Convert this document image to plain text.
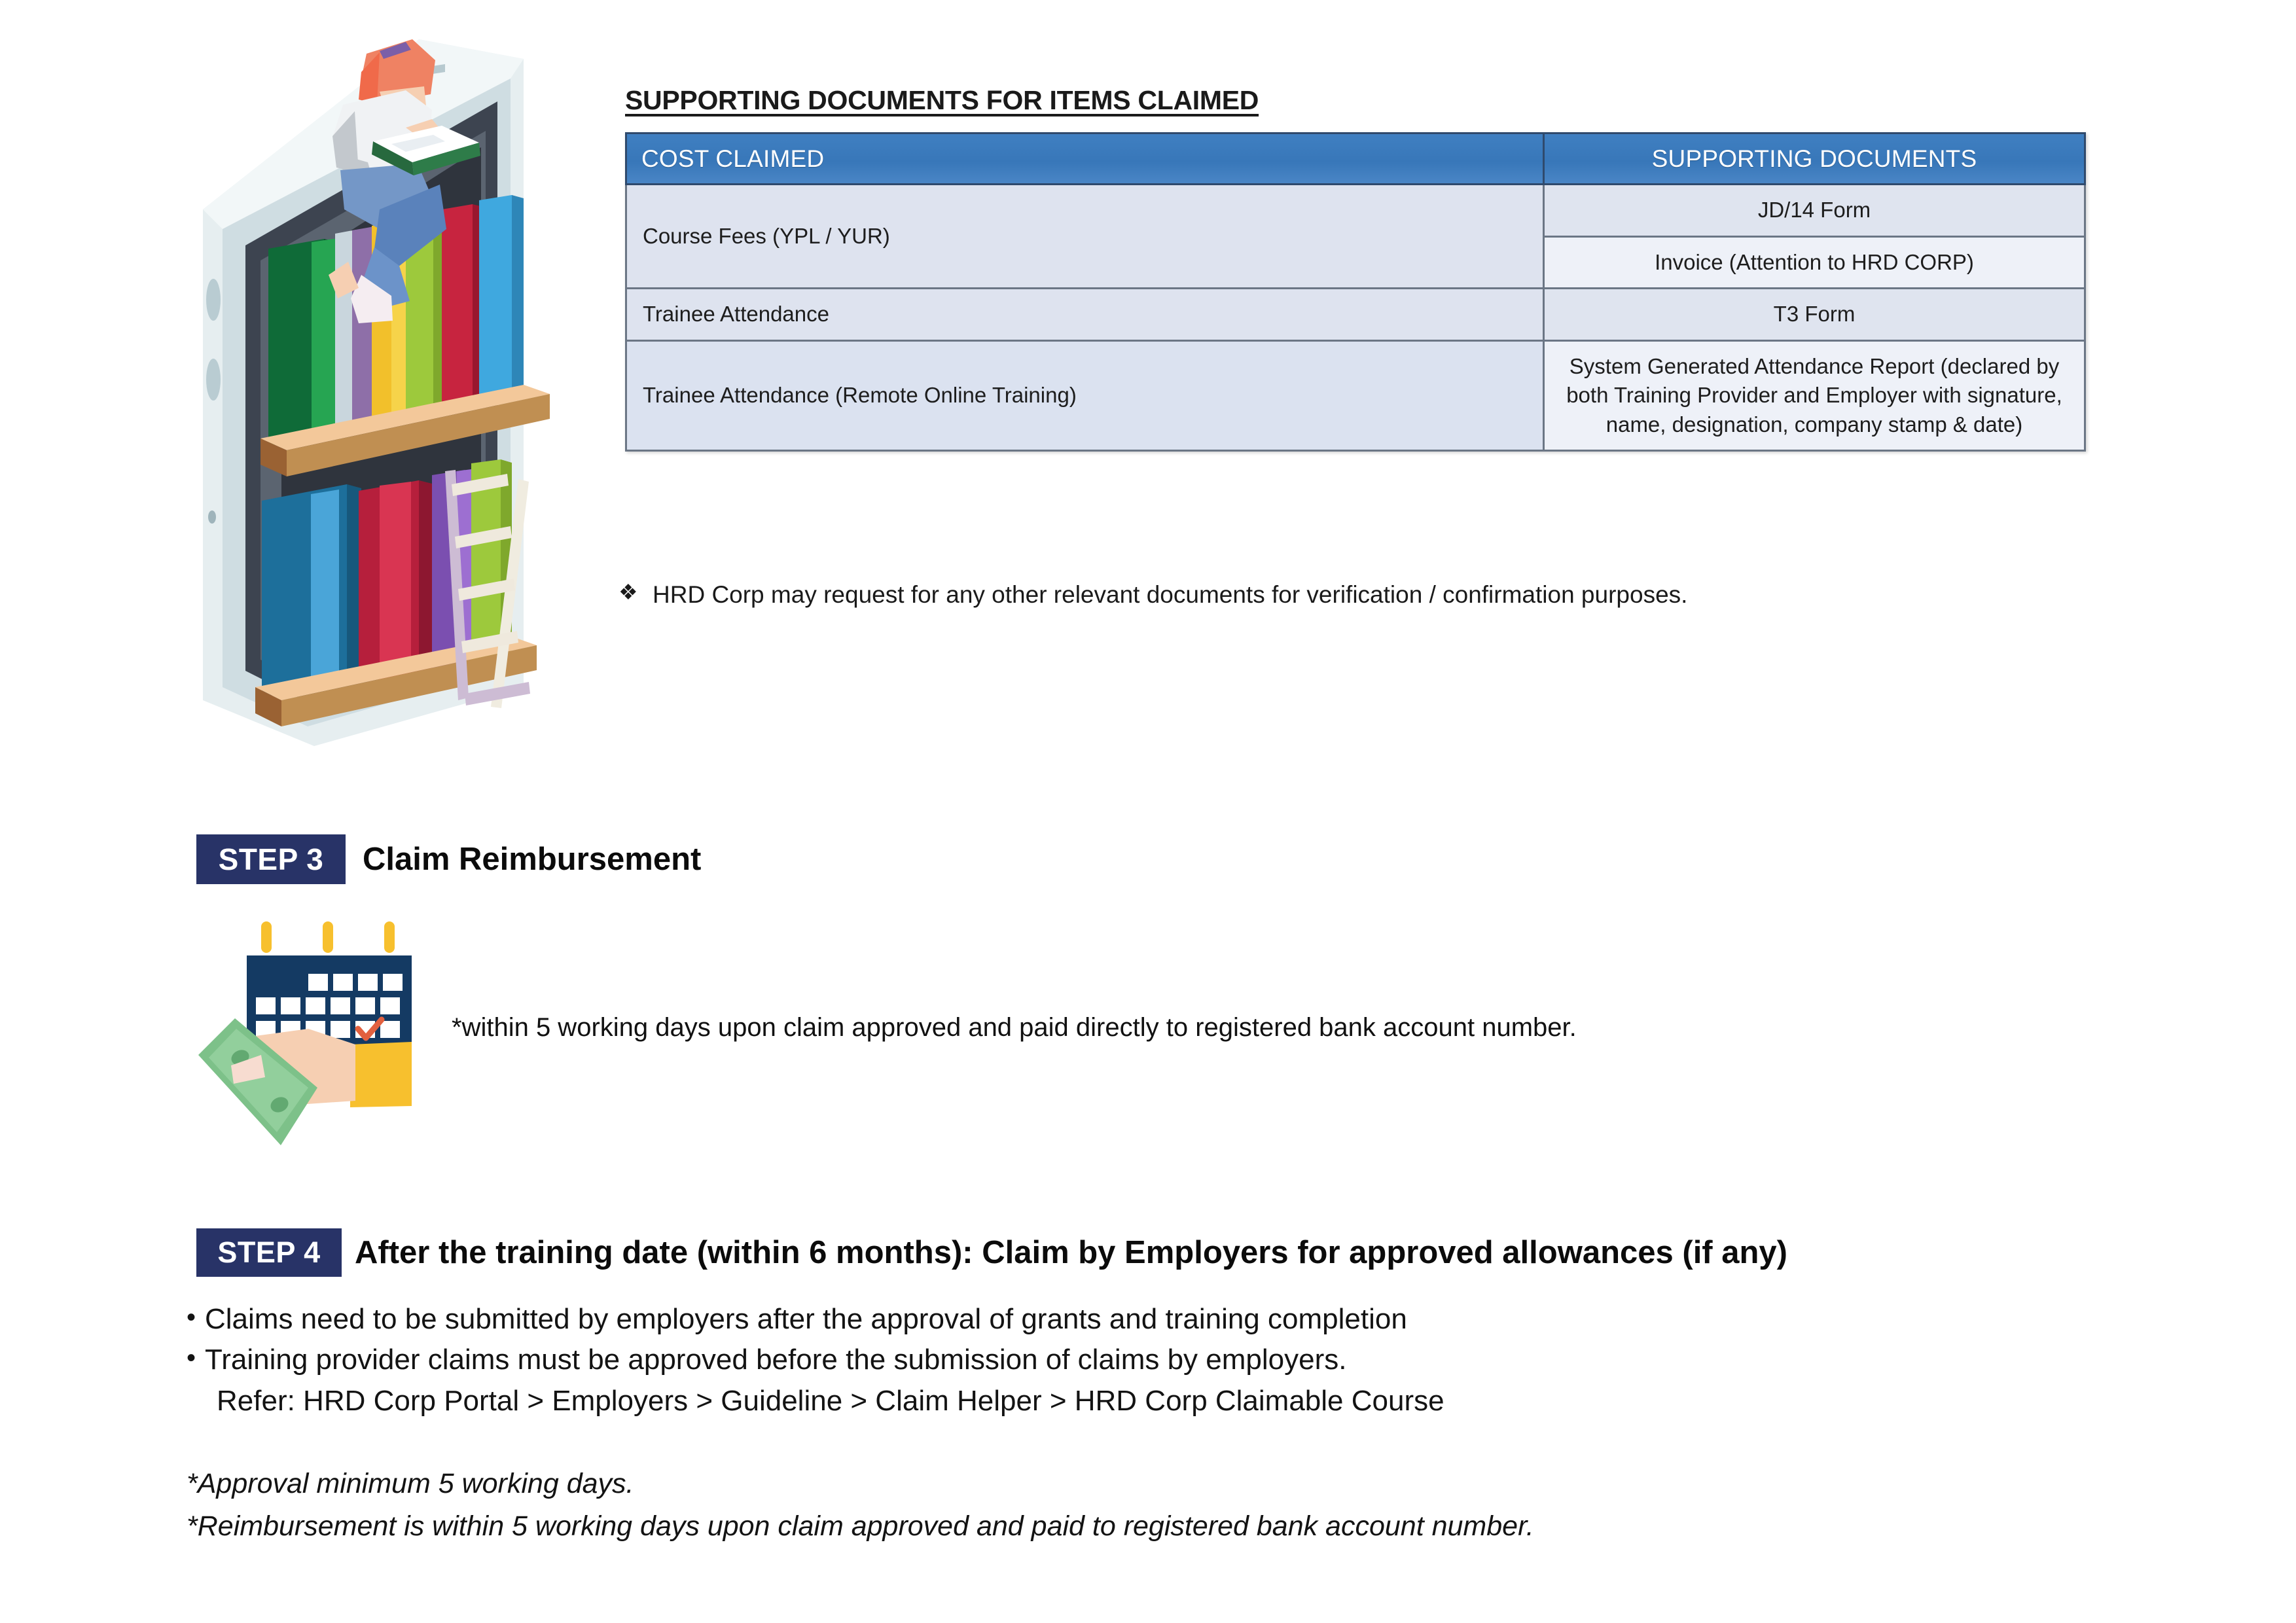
SUPPORTING DOCUMENTS FOR ITEMS CLAIMED
COST CLAIMED	SUPPORTING DOCUMENTS
Course Fees (YPL / YUR)	JD/14 Form
	Invoice (Attention to HRD CORP)
Trainee Attendance	T3 Form
Trainee Attendance (Remote Online Training)	System Generated Attendance Report (declared by both Training Provider and Employer with signature, name, designation, company stamp & date)
❖ HRD Corp may request for any other relevant documents for verification / confirmation purposes.
STEP 3	Claim Reimbursement
*within 5 working days upon claim approved and paid directly to registered bank account number.
STEP 4	After the training date (within 6 months): Claim by Employers for approved allowances (if any)
• Claims need to be submitted by employers after the approval of grants and training completion
• Training provider claims must be approved before the submission of claims by employers.
Refer: HRD Corp Portal > Employers > Guideline > Claim Helper > HRD Corp Claimable Course
*Approval minimum 5 working days.
*Reimbursement is within 5 working days upon claim approved and paid to registered bank account number.
